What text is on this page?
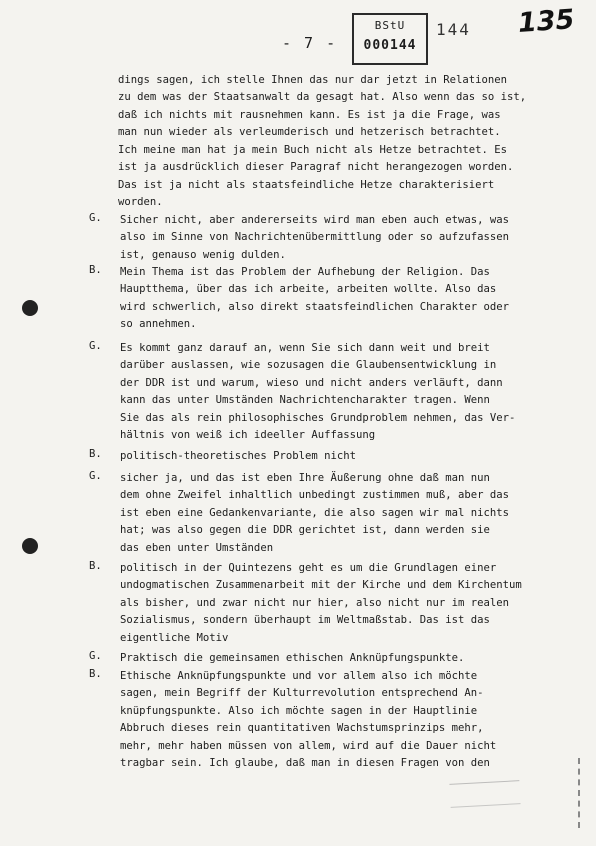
- 7 -
BStU
000144
144 135
dings sagen, ich stelle Ihnen das nur dar jetzt in Relationen
zu dem was der Staatsanwalt da gesagt hat. Also wenn das so ist,
daß ich nichts mit rausnehmen kann. Es ist ja die Frage, was
man nun wieder als verleumderisch und hetzerisch betrachtet.
Ich meine man hat ja mein Buch nicht als Hetze betrachtet. Es
ist ja ausdrücklich dieser Paragraf nicht herangezogen worden.
Das ist ja nicht als staatsfeindliche Hetze charakterisiert
worden.
G. Sicher nicht, aber andererseits wird man eben auch etwas, was
also im Sinne von Nachrichtenübermittlung oder so aufzufassen
ist, genauso wenig dulden.
B. Mein Thema ist das Problem der Aufhebung der Religion. Das
Hauptthema, über das ich arbeite, arbeiten wollte. Also das
wird schwerlich, also direkt staatsfeindlichen Charakter oder
so annehmen.
G. Es kommt ganz darauf an, wenn Sie sich dann weit und breit
darüber auslassen, wie sozusagen die Glaubensentwicklung in
der DDR ist und warum, wieso und nicht anders verläuft, dann
kann das unter Umständen Nachrichtencharakter tragen. Wenn
Sie das als rein philosophisches Grundproblem nehmen, das Ver-
hältnis von weiß ich ideeller Auffassung
B. politisch-theoretisches Problem nicht
G. sicher ja, und das ist eben Ihre Äußerung ohne daß man nun
dem ohne Zweifel inhaltlich unbedingt zustimmen muß, aber das
ist eben eine Gedankenvariante, die also sagen wir mal nichts
hat; was also gegen die DDR gerichtet ist, dann werden sie
das eben unter Umständen
B. politisch in der Quintezens geht es um die Grundlagen einer
undogmatischen Zusammenarbeit mit der Kirche und dem Kirchentum
als bisher, und zwar nicht nur hier, also nicht nur im realen
Sozialismus, sondern überhaupt im Weltmaßstab. Das ist das
eigentliche Motiv
G. Praktisch die gemeinsamen ethischen Anknüpfungspunkte.
B. Ethische Anknüpfungspunkte und vor allem also ich möchte
sagen, mein Begriff der Kulturrevolution entsprechend An-
knüpfungspunkte. Also ich möchte sagen in der Hauptlinie
Abbruch dieses rein quantitativen Wachstumsprinzips mehr,
mehr, mehr haben müssen von allem, wird auf die Dauer nicht
tragbar sein. Ich glaube, daß man in diesen Fragen von den
